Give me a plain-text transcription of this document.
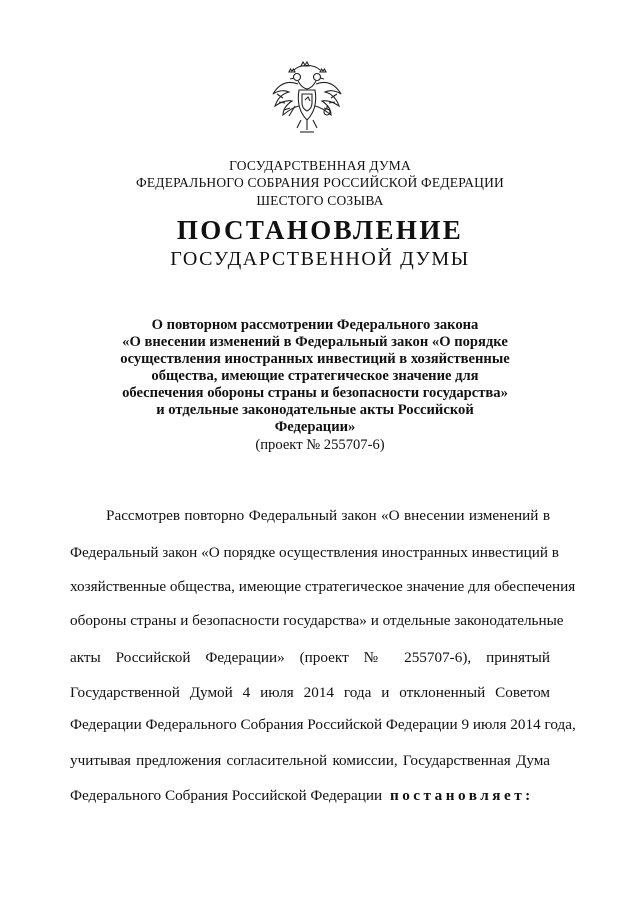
ГОСУДАРСТВЕННАЯ ДУМА
ФЕДЕРАЛЬНОГО СОБРАНИЯ РОССИЙСКОЙ ФЕДЕРАЦИИ
ШЕСТОГО СОЗЫВА
ПОСТАНОВЛЕНИЕ
ГОСУДАРСТВЕННОЙ ДУМЫ
О повторном рассмотрении Федерального закона
«О внесении изменений в Федеральный закон «О порядке
осуществления иностранных инвестиций в хозяйственные
общества, имеющие стратегическое значение для
обеспечения обороны страны и безопасности государства»
и отдельные законодательные акты Российской
Федерации»
(проект № 255707-6)
Рассмотрев повторно Федеральный закон «О внесении изменений в
Федеральный закон «О порядке осуществления иностранных инвестиций в
хозяйственные общества, имеющие стратегическое значение для обеспечения
обороны страны и безопасности государства» и отдельные законодательные
акты Российской Федерации» (проект № 255707-6), принятый
Государственной Думой 4 июля 2014 года и отклоненный Советом
Федерации Федерального Собрания Российской Федерации 9 июля 2014 года,
учитывая предложения согласительной комиссии, Государственная Дума
Федерального Собрания Российской Федерации постановляет:
